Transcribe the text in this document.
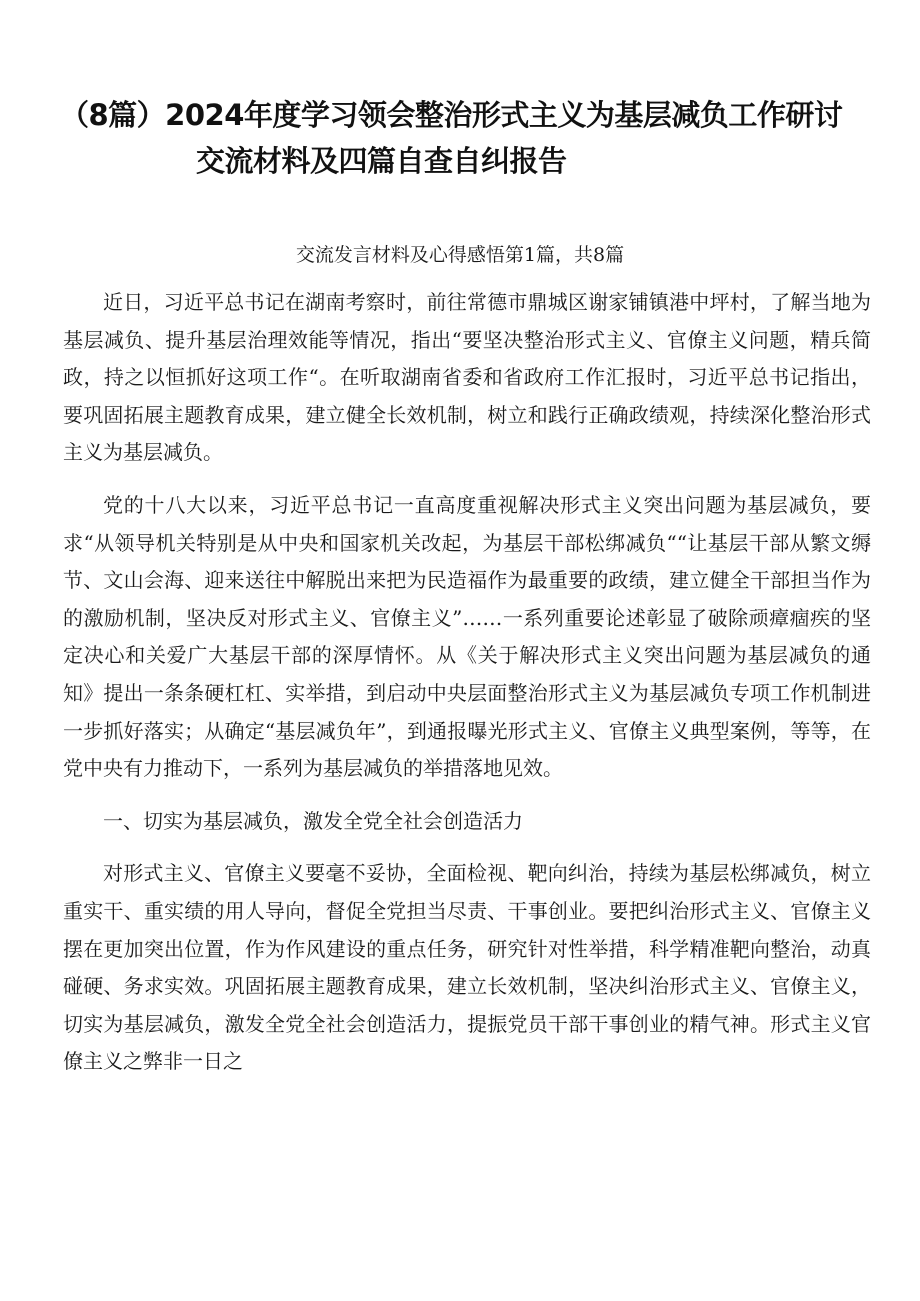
（8篇）2024年度学习领会整治形式主义为基层减负工作研讨
交流材料及四篇自查自纠报告
交流发言材料及心得感悟第1篇，共8篇

近日，习近平总书记在湖南考察时，前往常德市鼎城区谢家铺镇港中坪村，了解当地为基层减负、提升基层治理效能等情况，指出“要坚决整治形式主义、官僚主义问题，精兵简政，持之以恒抓好这项工作“。在听取湖南省委和省政府工作汇报时，习近平总书记指出，要巩固拓展主题教育成果，建立健全长效机制，树立和践行正确政绩观，持续深化整治形式主义为基层减负。

党的十八大以来，习近平总书记一直高度重视解决形式主义突出问题为基层减负，要求“从领导机关特别是从中央和国家机关改起，为基层干部松绑减负““让基层干部从繁文缛节、文山会海、迎来送往中解脱出来把为民造福作为最重要的政绩，建立健全干部担当作为的激励机制，坚决反对形式主义、官僚主义”……一系列重要论述彰显了破除顽瘴痼疾的坚定决心和关爱广大基层干部的深厚情怀。从《关于解决形式主义突出问题为基层减负的通知》提出一条条硬杠杠、实举措，到启动中央层面整治形式主义为基层减负专项工作机制进一步抓好落实；从确定“基层减负年”，到通报曝光形式主义、官僚主义典型案例，等等，在党中央有力推动下，一系列为基层减负的举措落地见效。

一、切实为基层减负，激发全党全社会创造活力

对形式主义、官僚主义要毫不妥协，全面检视、靶向纠治，持续为基层松绑减负，树立重实干、重实绩的用人导向，督促全党担当尽责、干事创业。要把纠治形式主义、官僚主义摆在更加突出位置，作为作风建设的重点任务，研究针对性举措，科学精准靶向整治，动真碰硬、务求实效。巩固拓展主题教育成果，建立长效机制，坚决纠治形式主义、官僚主义，切实为基层减负，激发全党全社会创造活力，提振党员干部干事创业的精气神。形式主义官僚主义之弊非一日之
